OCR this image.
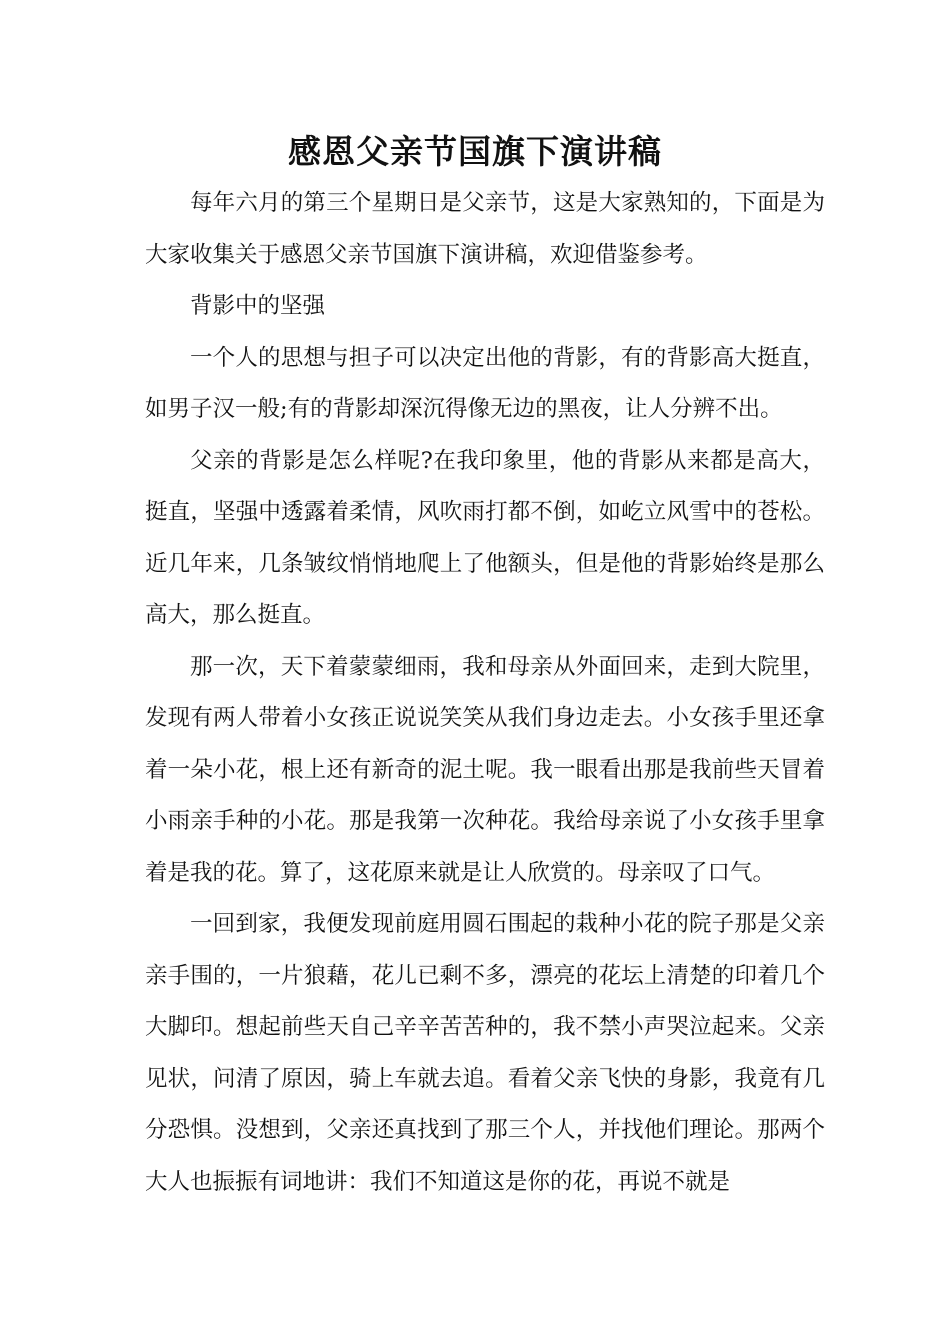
感恩父亲节国旗下演讲稿

每年六月的第三个星期日是父亲节，这是大家熟知的，下面是为大家收集关于感恩父亲节国旗下演讲稿，欢迎借鉴参考。

背影中的坚强

一个人的思想与担子可以决定出他的背影，有的背影高大挺直，如男子汉一般;有的背影却深沉得像无边的黑夜，让人分辨不出。

父亲的背影是怎么样呢?在我印象里，他的背影从来都是高大，挺直，坚强中透露着柔情，风吹雨打都不倒，如屹立风雪中的苍松。近几年来，几条皱纹悄悄地爬上了他额头，但是他的背影始终是那么高大，那么挺直。

那一次，天下着蒙蒙细雨，我和母亲从外面回来，走到大院里，发现有两人带着小女孩正说说笑笑从我们身边走去。小女孩手里还拿着一朵小花，根上还有新奇的泥土呢。我一眼看出那是我前些天冒着小雨亲手种的小花。那是我第一次种花。我给母亲说了小女孩手里拿着是我的花。算了，这花原来就是让人欣赏的。母亲叹了口气。

一回到家，我便发现前庭用圆石围起的栽种小花的院子那是父亲亲手围的，一片狼藉，花儿已剩不多，漂亮的花坛上清楚的印着几个大脚印。想起前些天自己辛辛苦苦种的，我不禁小声哭泣起来。父亲见状，问清了原因，骑上车就去追。看着父亲飞快的身影，我竟有几分恐惧。没想到，父亲还真找到了那三个人，并找他们理论。那两个大人也振振有词地讲：我们不知道这是你的花，再说不就是
